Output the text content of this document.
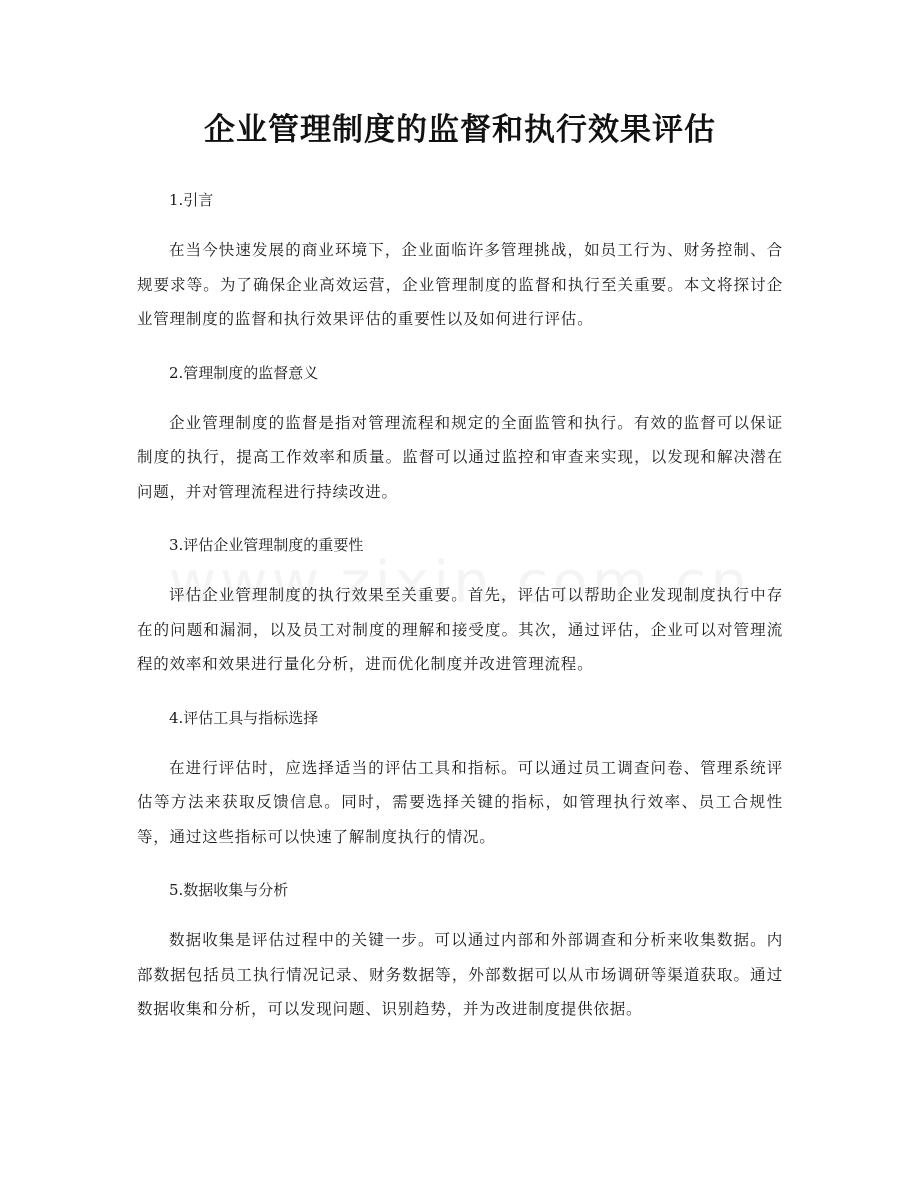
企业管理制度的监督和执行效果评估

1.引言

在当今快速发展的商业环境下，企业面临许多管理挑战，如员工行为、财务控制、合规要求等。为了确保企业高效运营，企业管理制度的监督和执行至关重要。本文将探讨企业管理制度的监督和执行效果评估的重要性以及如何进行评估。

2.管理制度的监督意义

企业管理制度的监督是指对管理流程和规定的全面监管和执行。有效的监督可以保证制度的执行，提高工作效率和质量。监督可以通过监控和审查来实现，以发现和解决潜在问题，并对管理流程进行持续改进。

3.评估企业管理制度的重要性

评估企业管理制度的执行效果至关重要。首先，评估可以帮助企业发现制度执行中存在的问题和漏洞，以及员工对制度的理解和接受度。其次，通过评估，企业可以对管理流程的效率和效果进行量化分析，进而优化制度并改进管理流程。

4.评估工具与指标选择

在进行评估时，应选择适当的评估工具和指标。可以通过员工调查问卷、管理系统评估等方法来获取反馈信息。同时，需要选择关键的指标，如管理执行效率、员工合规性等，通过这些指标可以快速了解制度执行的情况。

5.数据收集与分析

数据收集是评估过程中的关键一步。可以通过内部和外部调查和分析来收集数据。内部数据包括员工执行情况记录、财务数据等，外部数据可以从市场调研等渠道获取。通过数据收集和分析，可以发现问题、识别趋势，并为改进制度提供依据。
